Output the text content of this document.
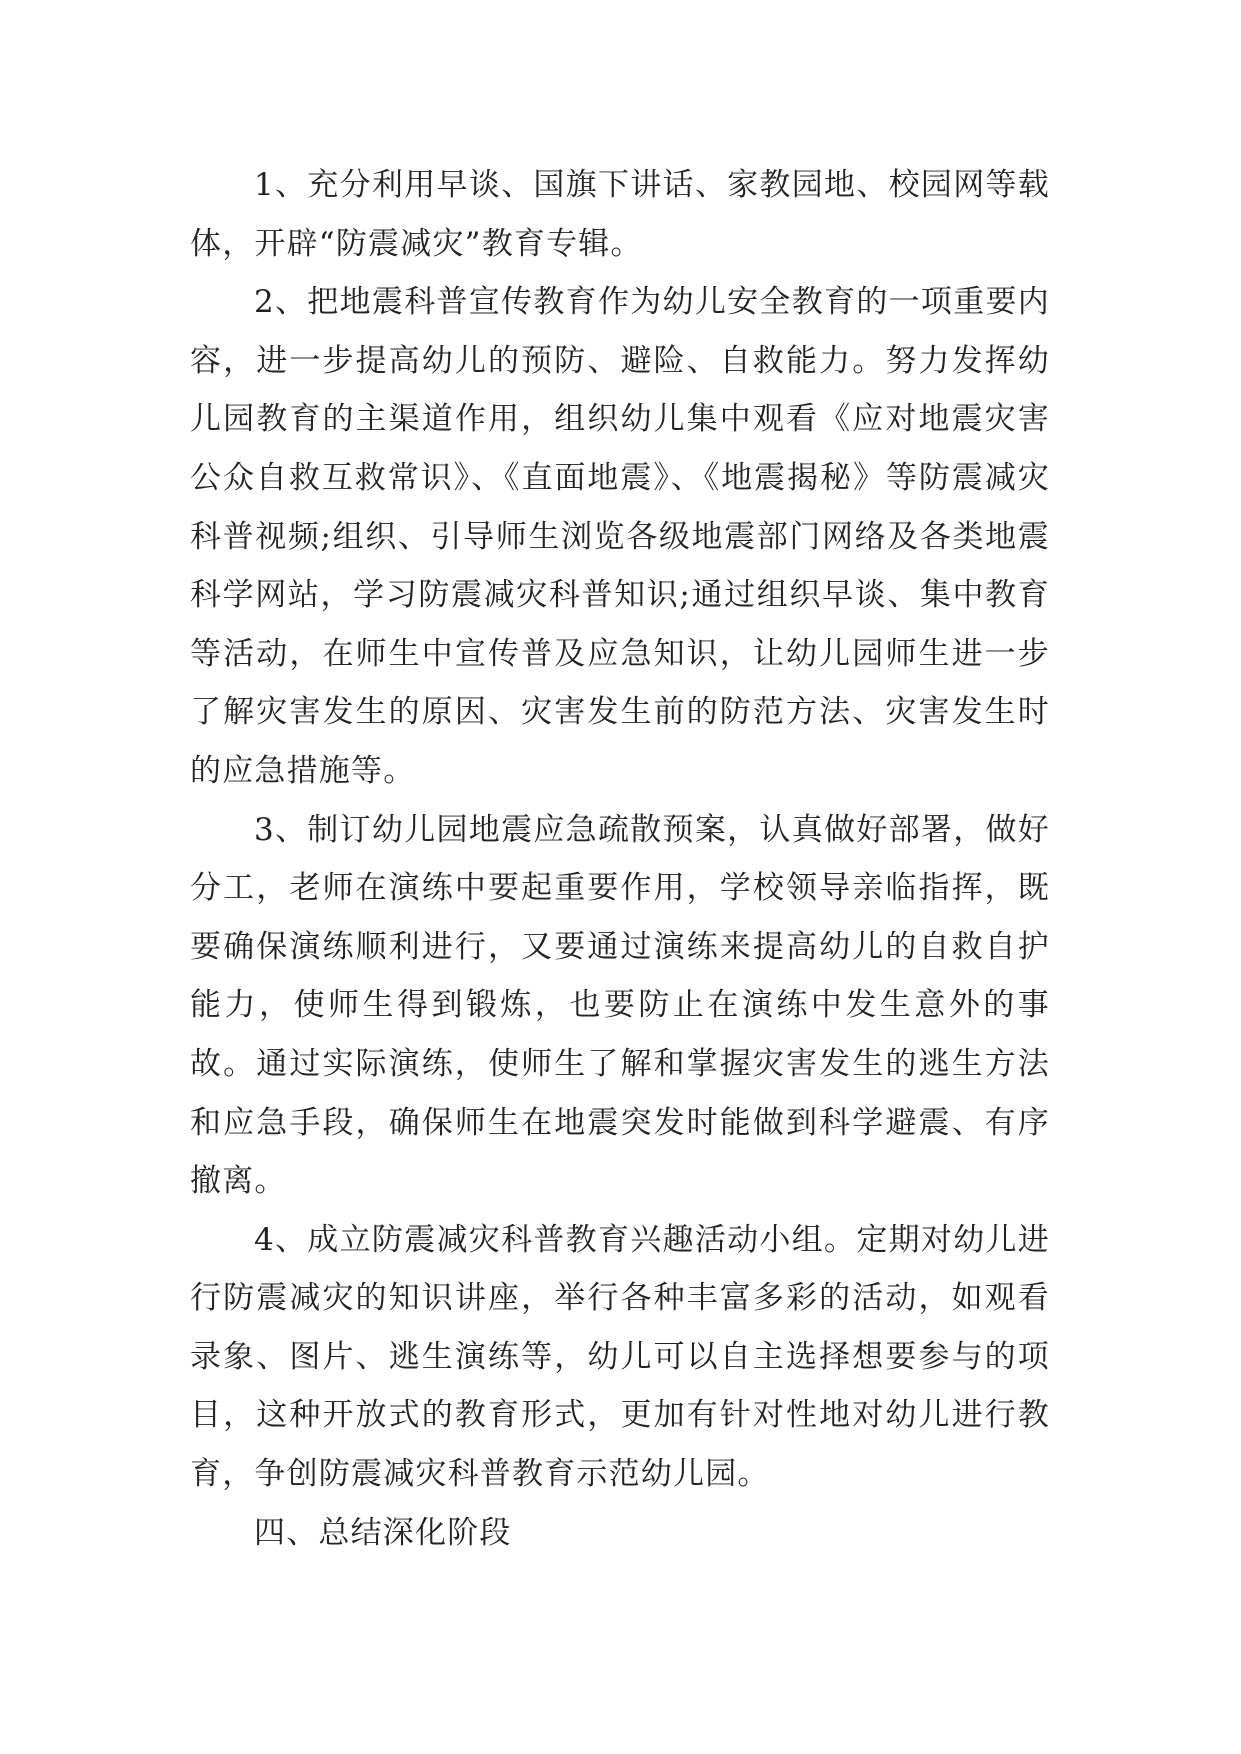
1、充分利用早谈、国旗下讲话、家教园地、校园网等载体，开辟“防震减灾”教育专辑。

2、把地震科普宣传教育作为幼儿安全教育的一项重要内容，进一步提高幼儿的预防、避险、自救能力。努力发挥幼儿园教育的主渠道作用，组织幼儿集中观看《应对地震灾害公众自救互救常识》、《直面地震》、《地震揭秘》等防震减灾科普视频;组织、引导师生浏览各级地震部门网络及各类地震科学网站，学习防震减灾科普知识;通过组织早谈、集中教育等活动，在师生中宣传普及应急知识，让幼儿园师生进一步了解灾害发生的原因、灾害发生前的防范方法、灾害发生时的应急措施等。

3、制订幼儿园地震应急疏散预案，认真做好部署，做好分工，老师在演练中要起重要作用，学校领导亲临指挥，既要确保演练顺利进行，又要通过演练来提高幼儿的自救自护能力，使师生得到锻炼，也要防止在演练中发生意外的事故。通过实际演练，使师生了解和掌握灾害发生的逃生方法和应急手段，确保师生在地震突发时能做到科学避震、有序撤离。

4、成立防震减灾科普教育兴趣活动小组。定期对幼儿进行防震减灾的知识讲座，举行各种丰富多彩的活动，如观看录象、图片、逃生演练等，幼儿可以自主选择想要参与的项目，这种开放式的教育形式，更加有针对性地对幼儿进行教育，争创防震减灾科普教育示范幼儿园。

四、总结深化阶段
